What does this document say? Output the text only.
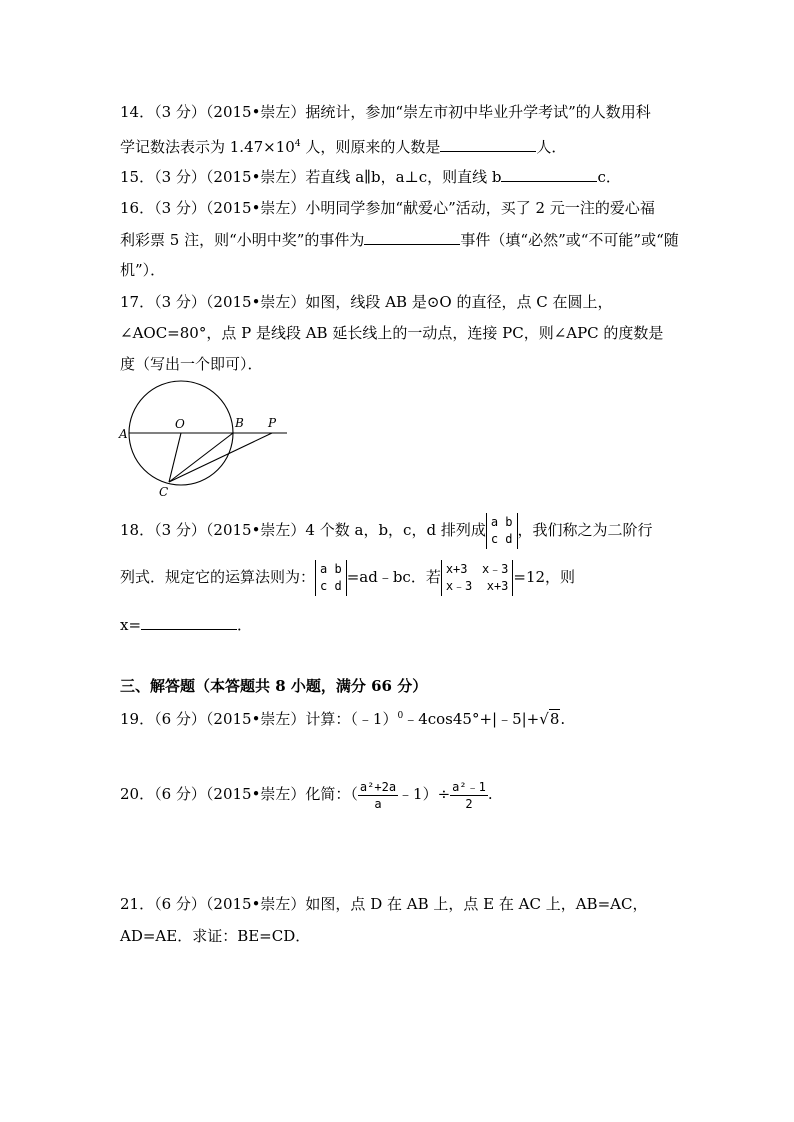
14．（3 分）（2015•崇左）据统计，参加“崇左市初中毕业升学考试”的人数用科
学记数法表示为 $1.47\times 10^4$ 人，则原来的人数是	人．
15．（3 分）（2015•崇左）若直线 a∥b，a⊥c，则直线 b	c．
16．（3 分）（2015•崇左）小明同学参加“献爱心”活动，买了 2 元一注的爱心福
利彩票 5 注，则“小明中奖”的事件为	事件（填“必然”或“不可能”或“随
机”）．
17．（3 分）（2015•崇左）如图，线段 AB 是⊙O 的直径，点 C 在圆上，
∠AOC=80°，点 P 是线段 AB 延长线上的一动点，连接 PC，则∠APC 的度数是
度（写出一个即可）．
A
O	B P
C
18．（3 分）（2015•崇左）4 个数 a，b，c，d 排列成 a b
c d ，我们称之为二阶行
列式．规定它的运算法则为： a b
c d =ad﹣bc．若 x+3  x﹣3
x﹣3  x+3 =12，则
x=	．
三、解答题（本答题共 8 小题，满分 66 分）
19．（6 分）（2015•崇左）计算：（﹣1）$^0$﹣4cos45°+|﹣5|+√8.
20．（6 分）（2015•崇左）化简：（ $\frac{\text{a²+2a}}{a}$ ﹣1）÷ $\frac{\text{a²﹣1}}{2}$ .
21．（6 分）（2015•崇左）如图，点 D 在 AB 上，点 E 在 AC 上，AB=AC，
AD=AE．求证：BE=CD．
